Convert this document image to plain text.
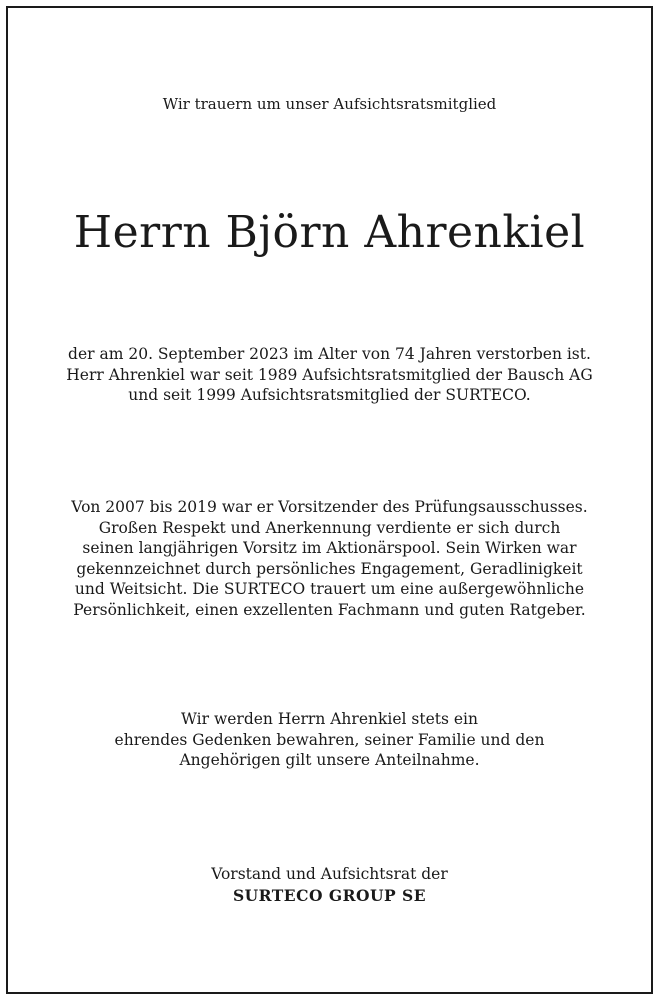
Wir trauern um unser Aufsichtsratsmitglied

Herrn Björn Ahrenkiel
der am 20. September 2023 im Alter von 74 Jahren verstorben ist.
Herr Ahrenkiel war seit 1989 Aufsichtsratsmitglied der Bausch AG
und seit 1999 Aufsichtsratsmitglied der SURTECO.
Von 2007 bis 2019 war er Vorsitzender des Prüfungsausschusses.
Großen Respekt und Anerkennung verdiente er sich durch
seinen langjährigen Vorsitz im Aktionärspool. Sein Wirken war
gekennzeichnet durch persönliches Engagement, Geradlinigkeit
und Weitsicht. Die SURTECO trauert um eine außergewöhnliche
Persönlichkeit, einen exzellenten Fachmann und guten Ratgeber.
Wir werden Herrn Ahrenkiel stets ein
ehrendes Gedenken bewahren, seiner Familie und den
Angehörigen gilt unsere Anteilnahme.
Vorstand und Aufsichtsrat der
SURTECO GROUP SE
